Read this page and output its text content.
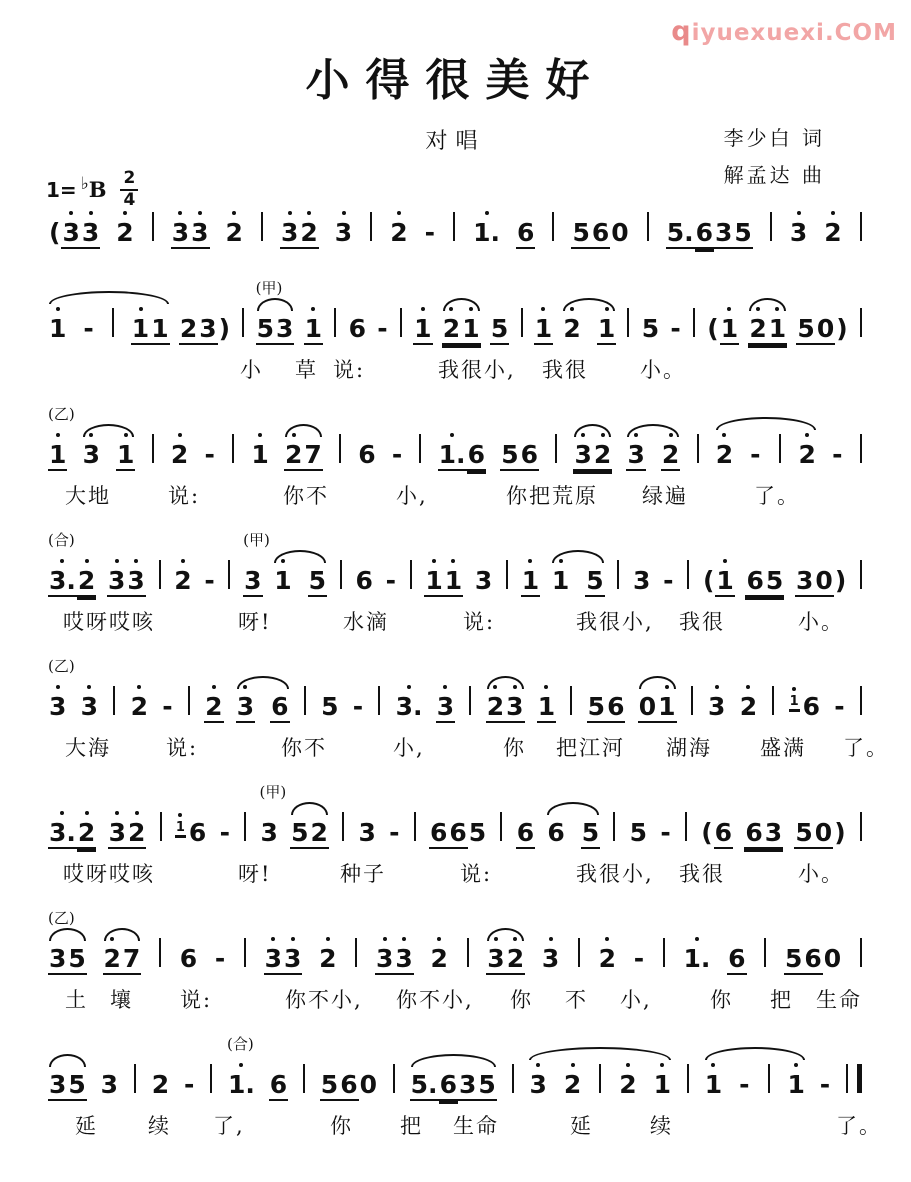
qiyuexuexi.COM
小得很美好
对唱	李少白 词
解孟达 曲
1= ♭ B $\frac{2}{4}$
( 3 3 2 3 3 2 3 2 3 2 - 1. 6 5 6 0 5. 6 3 5 3 2
1 - 1 1 2 3 )
(甲)
5 3 1 6 - 1 2 1 5 1 2 1 5 - ( 1 2 1 5 0 )
小 草 说:	我很小, 我很 小。
(乙)
1 3 1 2 - 1 2 7 6 - 1. 6 5 6 3 2 3 2 2 - 2 -
大地	说:	你不	小,	你把荒原 绿遍	了。
(合)
3. 2 3 3 2 -
(甲)
3 1 5 6 - 1 1 3 1 1 5 3 - ( 1 6 5 3 0 )
哎呀哎咳	呀!	水滴	说:	我很小, 我很	小。
(乙)
3 3 2 - 2 3 6 5 - 3. 3 2 3 1 5 6 0 1 3 2	1 6 -
大海	说:	你不	小,	你 把江河 湖海 盛满 了。
3. 2 3 2 1 6 -
(甲)
3 5 2 3 - 6 6 5 6 6 5 5 - ( 6 6 3 5 0 )
哎呀哎咳	呀!	种子	说:	我很小, 我很	小。
(乙)
3 5 2 7 6 - 3 3 2 3 3 2 3 2 3 2 - 1. 6 5 6 0
土 壤 说:	你不小, 你不小, 你 不 小,	你 把 生命
3 5 3 2 -
(合)
1. 6 5 6 0 5. 6 3 5 3 2 2 1 1 - 1 -
延 续 了,	你 把 生命	延	续	了。
